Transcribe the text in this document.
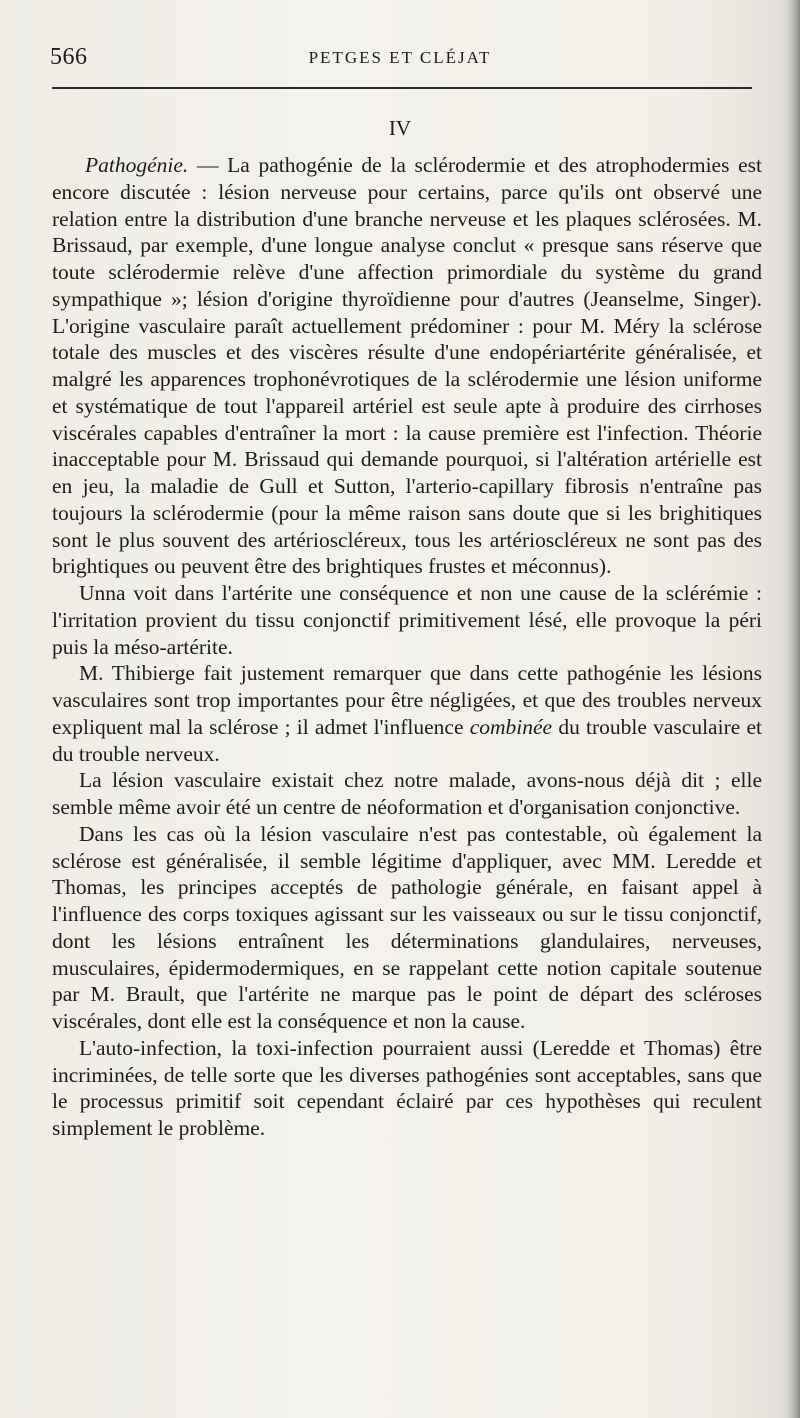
566	PETGES ET CLÉJAT
IV

Pathogénie. — La pathogénie de la sclérodermie et des atrophodermies est encore discutée : lésion nerveuse pour certains, parce qu'ils ont observé une relation entre la distribution d'une branche nerveuse et les plaques sclérosées. M. Brissaud, par exemple, d'une longue analyse conclut « presque sans réserve que toute sclérodermie relève d'une affection primordiale du système du grand sympathique »; lésion d'origine thyroïdienne pour d'autres (Jeanselme, Singer). L'origine vasculaire paraît actuellement prédominer : pour M. Méry la sclérose totale des muscles et des viscères résulte d'une endopériartérite généralisée, et malgré les apparences trophonévrotiques de la sclérodermie une lésion uniforme et systématique de tout l'appareil artériel est seule apte à produire des cirrhoses viscérales capables d'entraîner la mort : la cause première est l'infection. Théorie inacceptable pour M. Brissaud qui demande pourquoi, si l'altération artérielle est en jeu, la maladie de Gull et Sutton, l'arterio-capillary fibrosis n'entraîne pas toujours la sclérodermie (pour la même raison sans doute que si les brighitiques sont le plus souvent des artérioscléreux, tous les artérioscléreux ne sont pas des brightiques ou peuvent être des brightiques frustes et méconnus).

Unna voit dans l'artérite une conséquence et non une cause de la sclérémie : l'irritation provient du tissu conjonctif primitivement lésé, elle provoque la péri puis la méso-artérite.

M. Thibierge fait justement remarquer que dans cette pathogénie les lésions vasculaires sont trop importantes pour être négligées, et que des troubles nerveux expliquent mal la sclérose ; il admet l'influence combinée du trouble vasculaire et du trouble nerveux.

La lésion vasculaire existait chez notre malade, avons-nous déjà dit ; elle semble même avoir été un centre de néoformation et d'organisation conjonctive.

Dans les cas où la lésion vasculaire n'est pas contestable, où également la sclérose est généralisée, il semble légitime d'appliquer, avec MM. Leredde et Thomas, les principes acceptés de pathologie générale, en faisant appel à l'influence des corps toxiques agissant sur les vaisseaux ou sur le tissu conjonctif, dont les lésions entraînent les déterminations glandulaires, nerveuses, musculaires, épidermodermiques, en se rappelant cette notion capitale soutenue par M. Brault, que l'artérite ne marque pas le point de départ des scléroses viscérales, dont elle est la conséquence et non la cause.

L'auto-infection, la toxi-infection pourraient aussi (Leredde et Thomas) être incriminées, de telle sorte que les diverses pathogénies sont acceptables, sans que le processus primitif soit cependant éclairé par ces hypothèses qui reculent simplement le problème.
